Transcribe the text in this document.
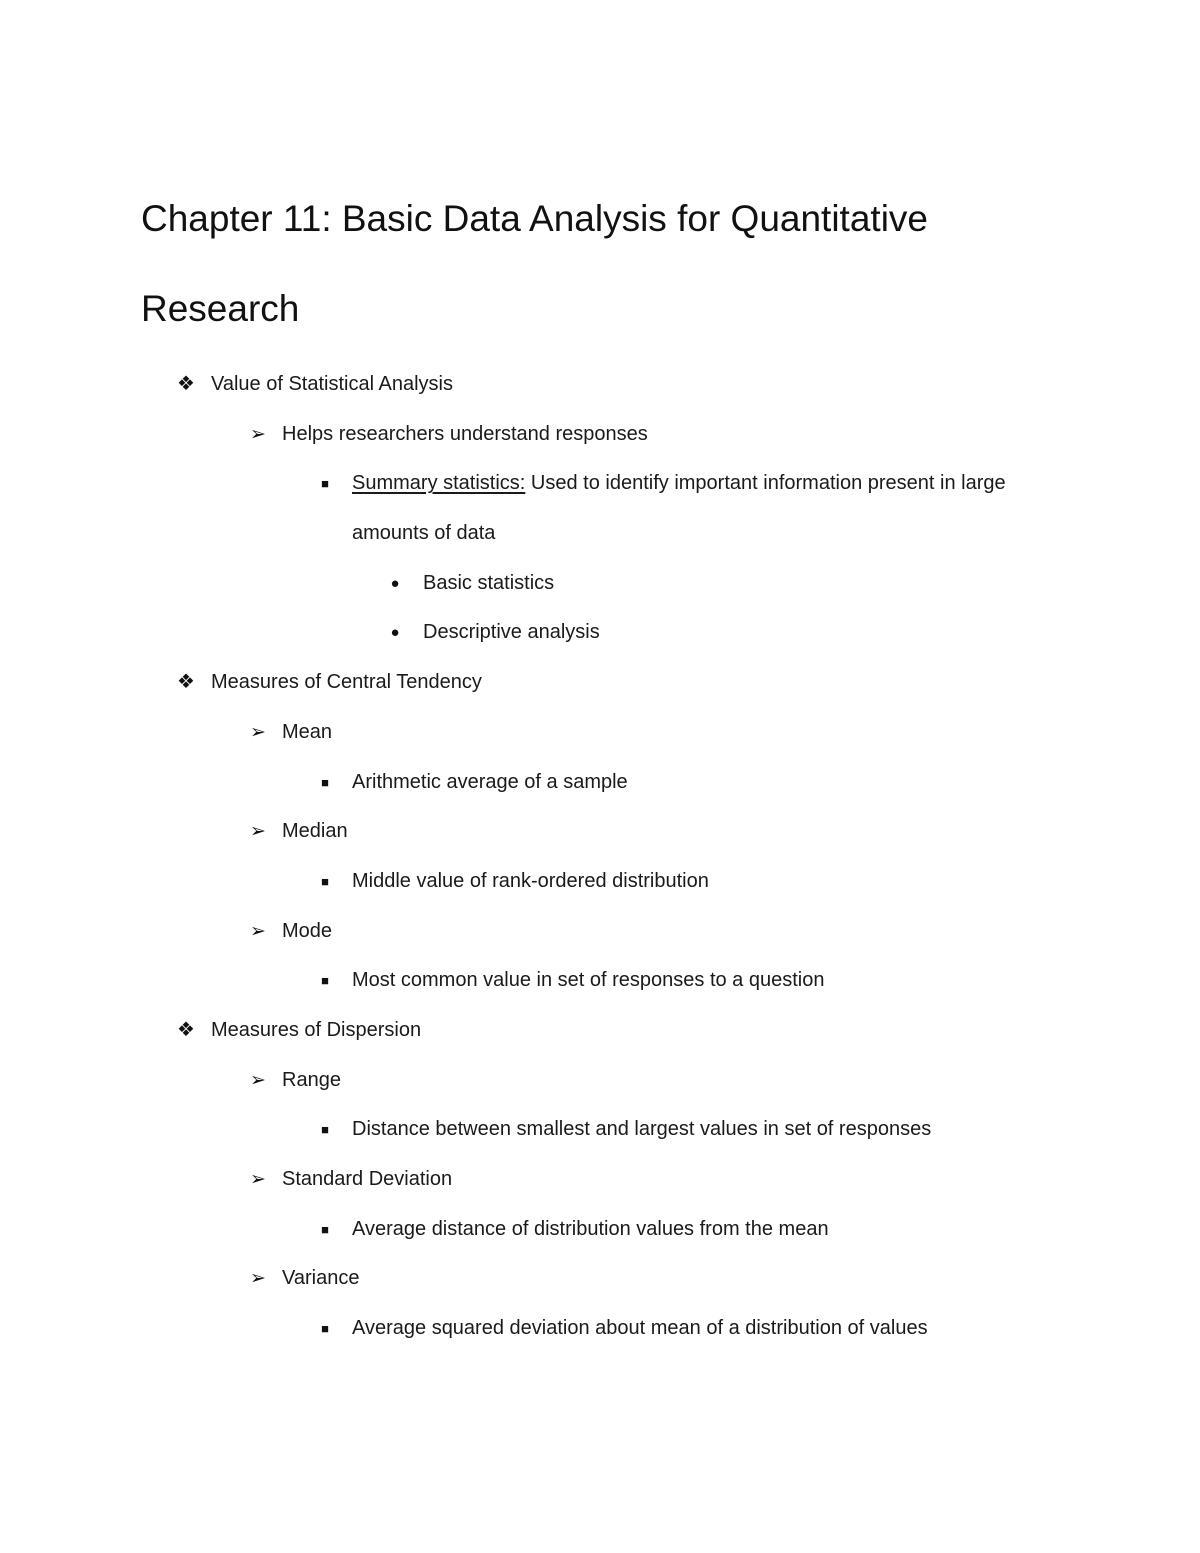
Chapter 11: Basic Data Analysis for Quantitative
Research
❖ Value of Statistical Analysis
➢ Helps researchers understand responses
■	Summary statistics: Used to identify important information present in large
amounts of data
●	Basic statistics
●	Descriptive analysis
❖ Measures of Central Tendency
➢ Mean
■	Arithmetic average of a sample
➢ Median
■	Middle value of rank-ordered distribution
➢ Mode
■	Most common value in set of responses to a question
❖ Measures of Dispersion
➢ Range
■	Distance between smallest and largest values in set of responses
➢ Standard Deviation
■	Average distance of distribution values from the mean
➢ Variance
■	Average squared deviation about mean of a distribution of values
